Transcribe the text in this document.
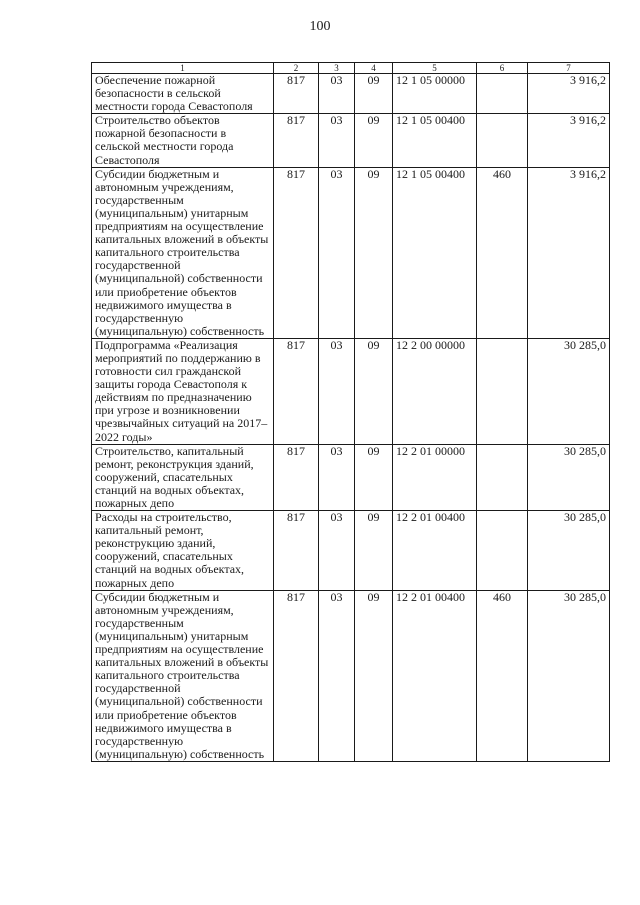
100
1	2	3	4	5	6	7
Обеспечение пожарной безопасности в сельской местности города Севастополя	817	03	09	12 1 05 00000		3 916,2
Строительство объектов пожарной безопасности в сельской местности города Севастополя	817	03	09	12 1 05 00400		3 916,2
Субсидии бюджетным и автономным учреждениям, государственным (муниципальным) унитарным предприятиям на осуществление капитальных вложений в объекты капитального строительства государственной (муниципальной) собственности или приобретение объектов недвижимого имущества в государственную (муниципальную) собственность	817	03	09	12 1 05 00400	460	3 916,2
Подпрограмма «Реализация мероприятий по поддержанию в готовности сил гражданской защиты города Севастополя к действиям по предназначению при угрозе и возникновении чрезвычайных ситуаций на 2017–2022 годы»	817	03	09	12 2 00 00000		30 285,0
Строительство, капитальный ремонт, реконструкция зданий, сооружений, спасательных станций на водных объектах, пожарных депо	817	03	09	12 2 01 00000		30 285,0
Расходы на строительство, капитальный ремонт, реконструкцию зданий, сооружений, спасательных станций на водных объектах, пожарных депо	817	03	09	12 2 01 00400		30 285,0
Субсидии бюджетным и автономным учреждениям, государственным (муниципальным) унитарным предприятиям на осуществление капитальных вложений в объекты капитального строительства государственной (муниципальной) собственности или приобретение объектов недвижимого имущества в государственную (муниципальную) собственность	817	03	09	12 2 01 00400	460	30 285,0
